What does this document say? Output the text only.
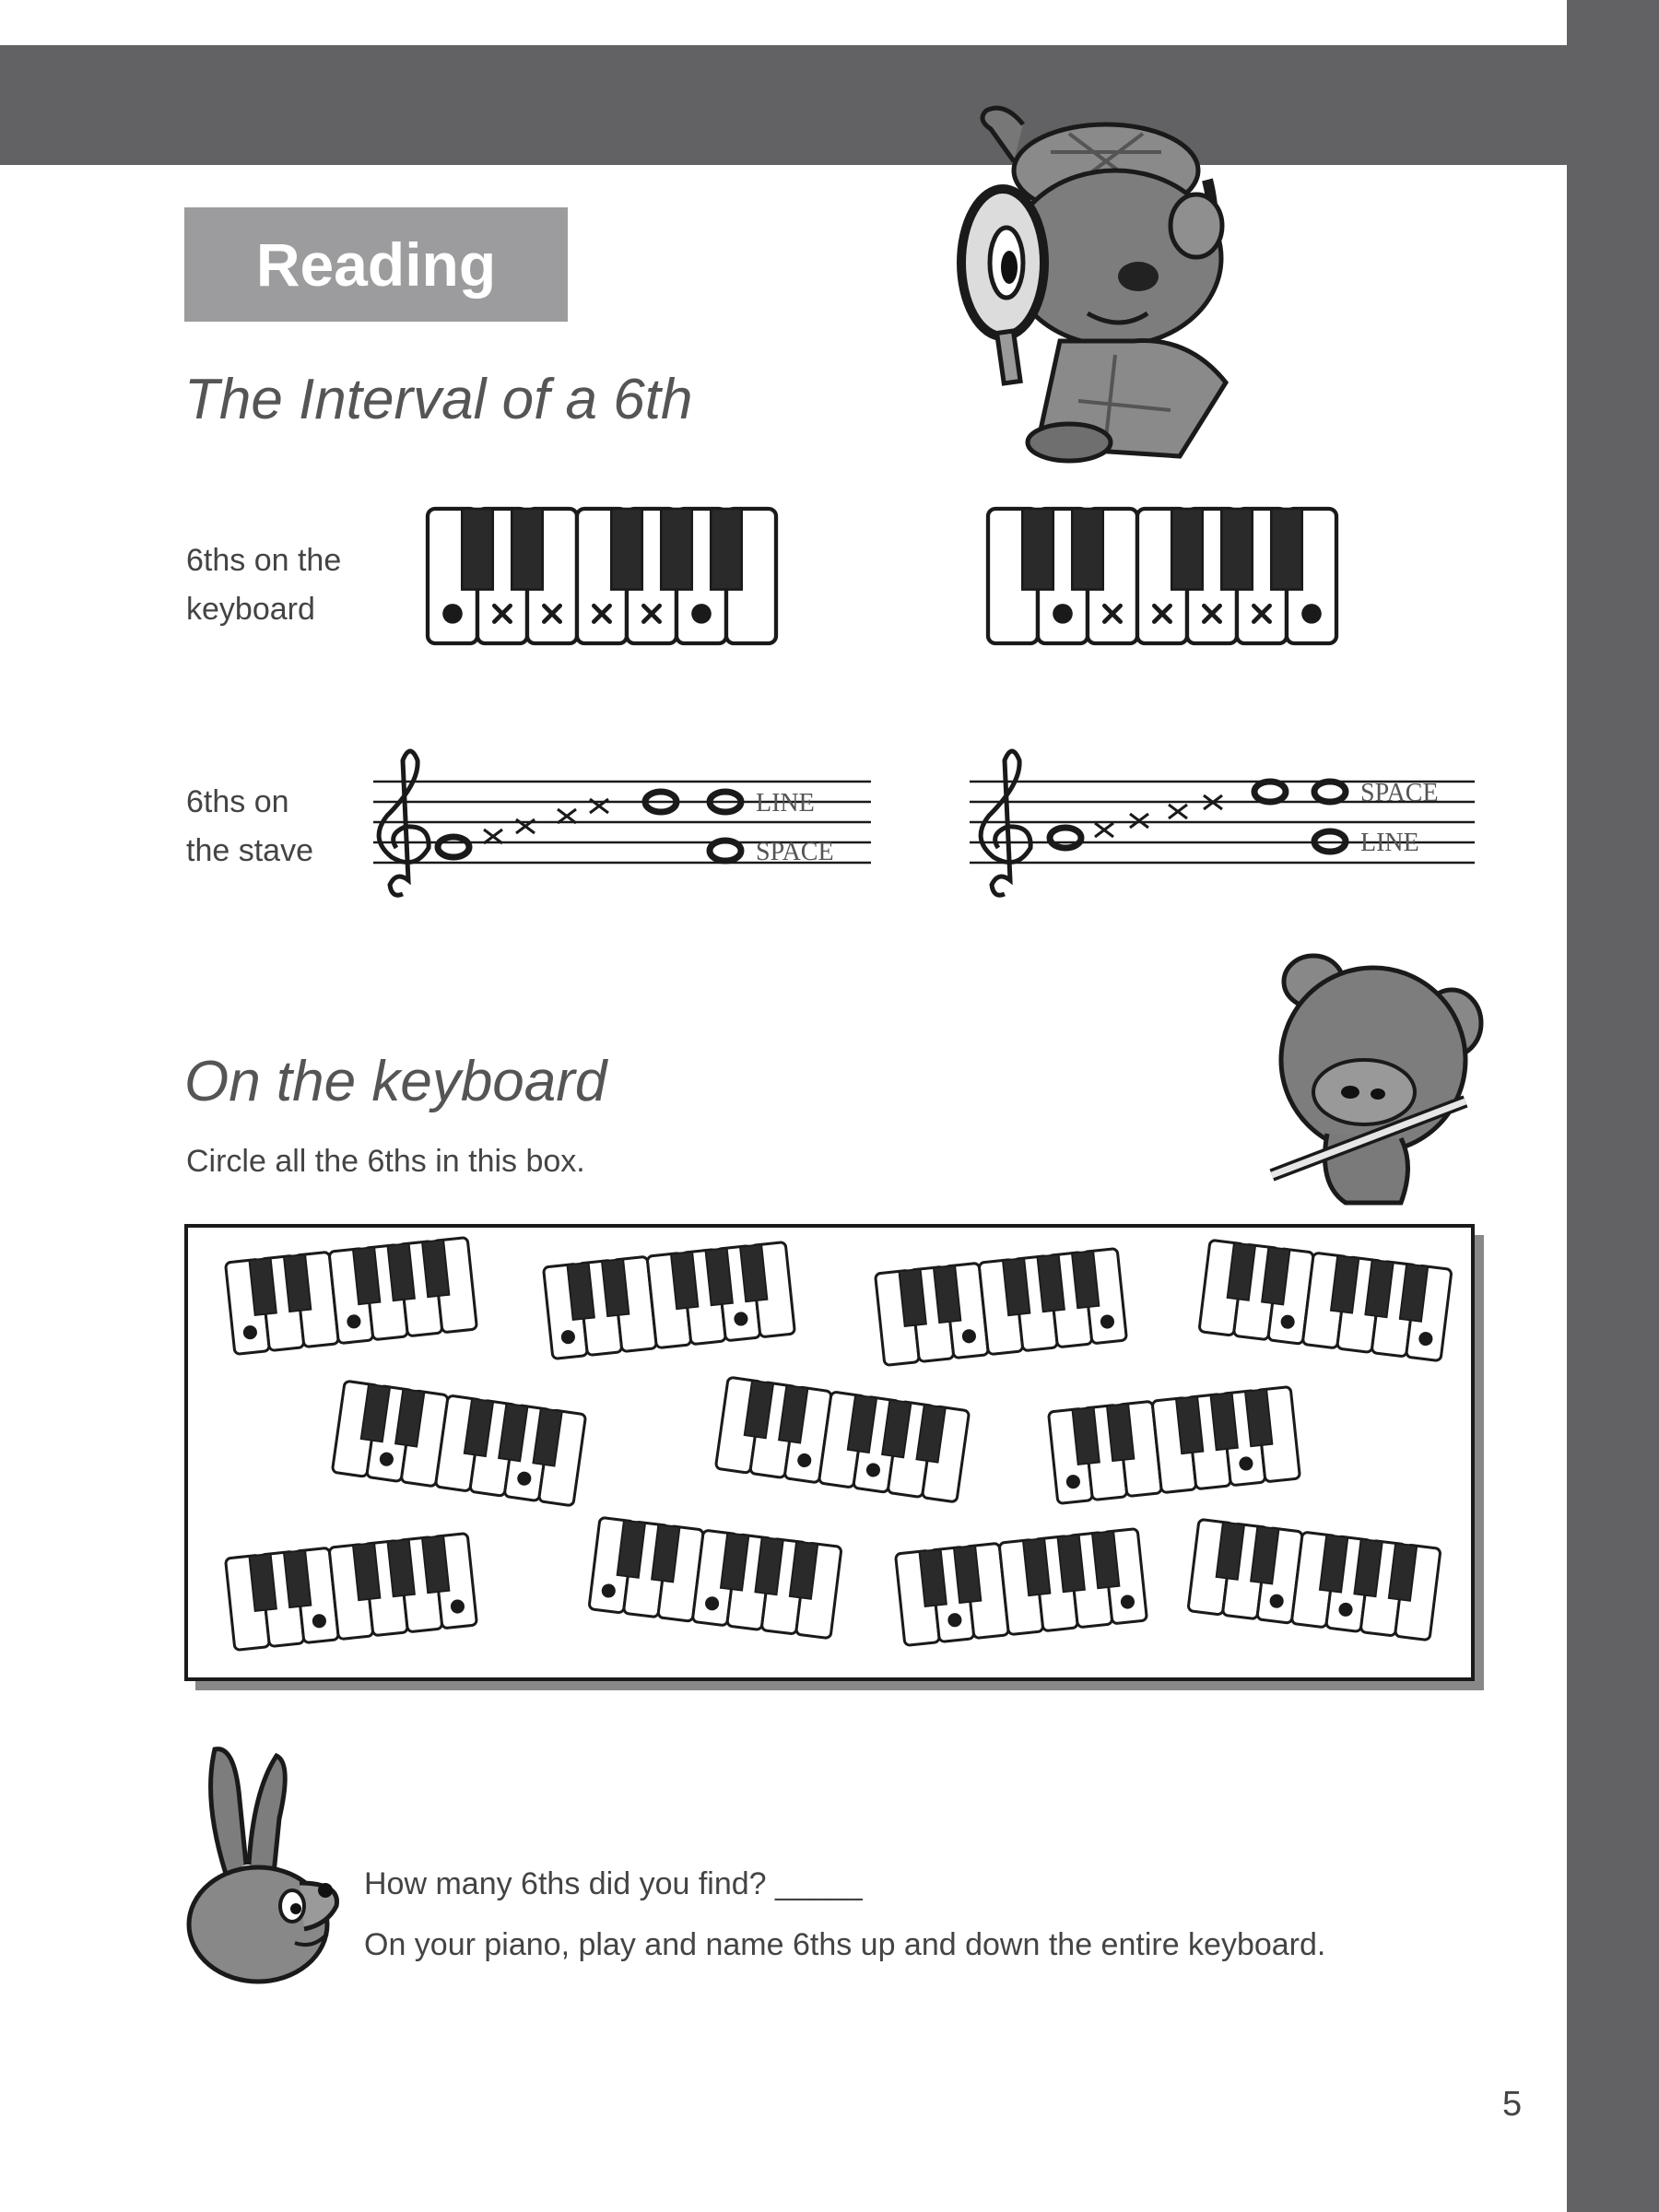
Reading
The Interval of a 6th
6ths on the
keyboard
6ths on
the stave
LINE
SPACE
SPACE
LINE
On the keyboard
Circle all the 6ths in this box.
How many 6ths did you find? _____
On your piano, play and name 6ths up and down the entire keyboard.
5
